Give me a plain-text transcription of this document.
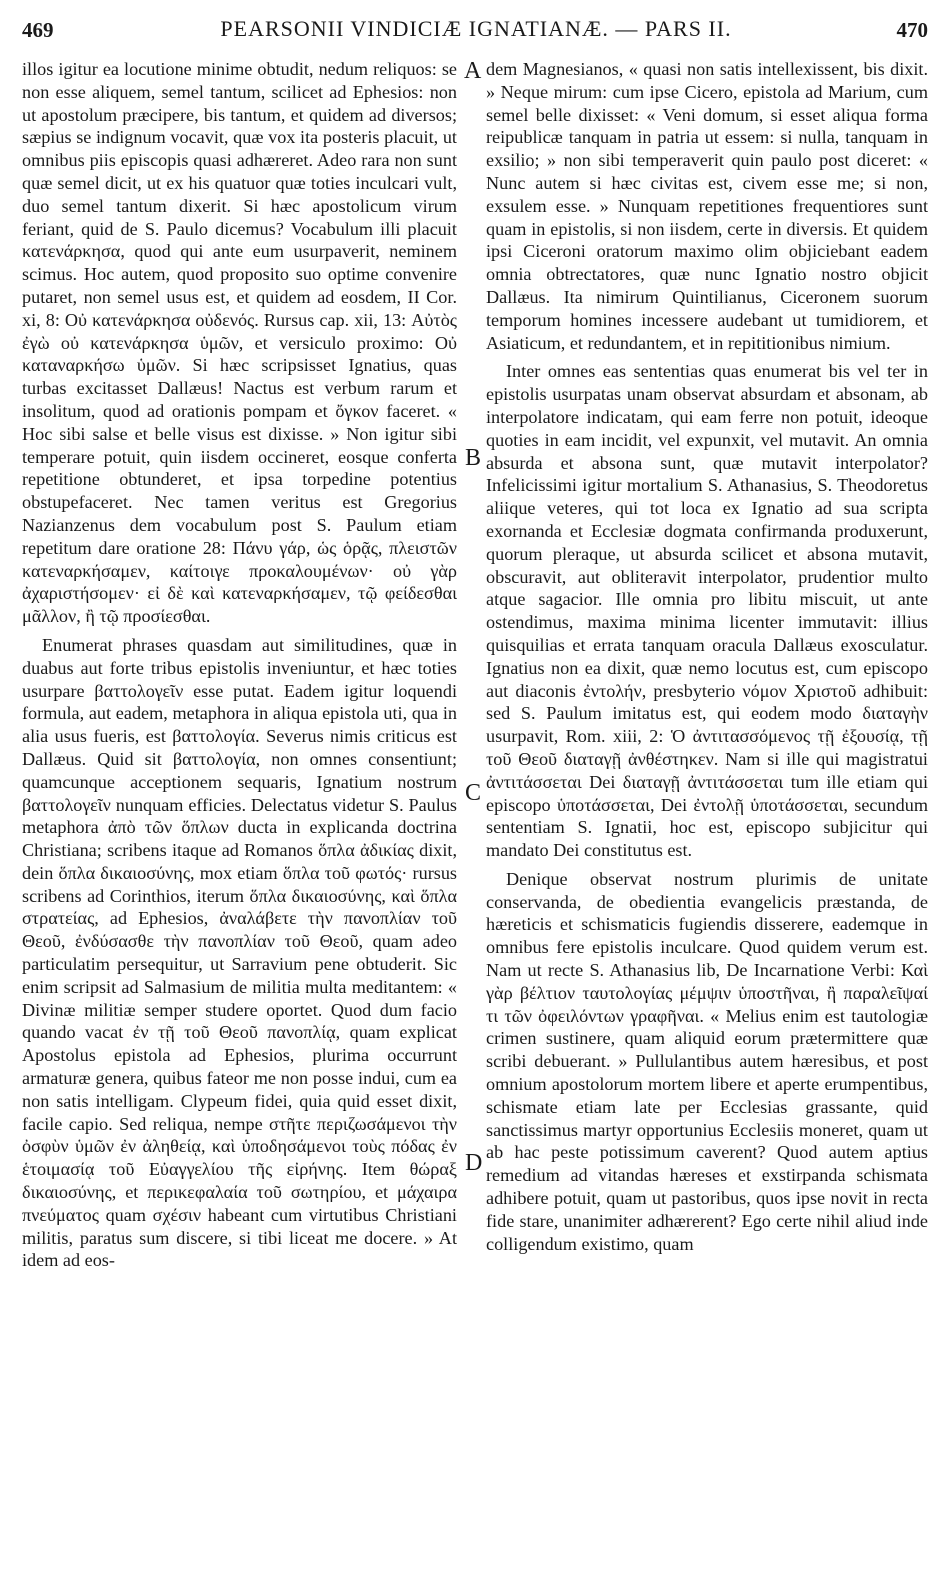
469	PEARSONII VINDICIÆ IGNATIANÆ. — PARS II.	470

illos igitur ea locutione minime obtudit, nedum reliquos: se non esse aliquem, semel tantum, scilicet ad Ephesios: non ut apostolum præcipere, bis tantum, et quidem ad diversos; sæpius se indignum vocavit, quæ vox ita posteris placuit, ut omnibus piis episcopis quasi adhæreret. Adeo rara non sunt quæ semel dicit, ut ex his quatuor quæ toties inculcari vult, duo semel tantum dixerit. Si hæc apostolicum virum feriant, quid de S. Paulo dicemus? Vocabulum illi placuit κατενάρκησα, quod qui ante eum usurpaverit, neminem scimus. Hoc autem, quod proposito suo optime convenire putaret, non semel usus est, et quidem ad eosdem, II Cor. xi, 8: Οὐ κατενάρκησα οὐδενός. Rursus cap. xii, 13: Αὐτὸς ἐγὼ οὐ κατενάρκησα ὑμῶν, et versiculo proximo: Οὐ καταναρκήσω ὑμῶν. Si hæc scripsisset Ignatius, quas turbas excitasset Dallæus! Nactus est verbum rarum et insolitum, quod ad orationis pompam et ὄγκον faceret. « Hoc sibi salse et belle visus est dixisse. » Non igitur sibi temperare potuit, quin iisdem occineret, eosque conferta repetitione obtunderet, et ipsa torpedine potentius obstupefaceret. Nec tamen veritus est Gregorius Nazianzenus dem vocabulum post S. Paulum etiam repetitum dare oratione 28: Πάνυ γάρ, ὡς ὁρᾷς, πλειστῶν κατεναρκήσαμεν, καίτοιγε προκαλουμένων· οὐ γὰρ ἀχαριστήσομεν· εἰ δὲ καὶ κατεναρκήσαμεν, τῷ φείδεσθαι μᾶλλον, ἢ τῷ προσίεσθαι.

Enumerat phrases quasdam aut similitudines, quæ in duabus aut forte tribus epistolis inveniuntur, et hæc toties usurpare βαττολογεῖν esse putat. Eadem igitur loquendi formula, aut eadem, metaphora in aliqua epistola uti, qua in alia usus fueris, est βαττολογία. Severus nimis criticus est Dallæus. Quid sit βαττολογία, non omnes consentiunt; quamcunque acceptionem sequaris, Ignatium nostrum βαττολογεῖν nunquam efficies. Delectatus videtur S. Paulus metaphora ἀπὸ τῶν ὅπλων ducta in explicanda doctrina Christiana; scribens itaque ad Romanos ὅπλα ἀδικίας dixit, dein ὅπλα δικαιοσύνης, mox etiam ὅπλα τοῦ φωτός· rursus scribens ad Corinthios, iterum ὅπλα δικαιοσύνης, καὶ ὅπλα στρατείας, ad Ephesios, ἀναλάβετε τὴν πανοπλίαν τοῦ Θεοῦ, ἐνδύσασθε τὴν πανοπλίαν τοῦ Θεοῦ, quam adeo particulatim persequitur, ut Sarravium pene obtuderit. Sic enim scripsit ad Salmasium de militia multa meditantem: « Divinæ militiæ semper studere oportet. Quod dum facio quando vacat ἐν τῇ τοῦ Θεοῦ πανοπλίᾳ, quam explicat Apostolus epistola ad Ephesios, plurima occurrunt armaturæ genera, quibus fateor me non posse indui, cum ea non satis intelligam. Clypeum fidei, quia quid esset dixit, facile capio. Sed reliqua, nempe στῆτε περιζωσάμενοι τὴν ὀσφὺν ὑμῶν ἐν ἀληθείᾳ, καὶ ὑποδησάμενοι τοὺς πόδας ἐν ἑτοιμασίᾳ τοῦ Εὐαγγελίου τῆς εἰρήνης. Item θώραξ δικαιοσύνης, et περικεφαλαία τοῦ σωτηρίου, et μάχαιρα πνεύματος quam σχέσιν habeant cum virtutibus Christiani militis, paratus sum discere, si tibi liceat me docere. » At idem ad eos-

A
B
C
D

dem Magnesianos, « quasi non satis intellexissent, bis dixit. » Neque mirum: cum ipse Cicero, epistola ad Marium, cum semel belle dixisset: « Veni domum, si esset aliqua forma reipublicæ tanquam in patria ut essem: si nulla, tanquam in exsilio; » non sibi temperaverit quin paulo post diceret: « Nunc autem si hæc civitas est, civem esse me; si non, exsulem esse. » Nunquam repetitiones frequentiores sunt quam in epistolis, si non iisdem, certe in diversis. Et quidem ipsi Ciceroni oratorum maximo olim objiciebant eadem omnia obtrectatores, quæ nunc Ignatio nostro objicit Dallæus. Ita nimirum Quintilianus, Ciceronem suorum temporum homines incessere audebant ut tumidiorem, et Asiaticum, et redundantem, et in repititionibus nimium.

Inter omnes eas sententias quas enumerat bis vel ter in epistolis usurpatas unam observat absurdam et absonam, ab interpolatore indicatam, qui eam ferre non potuit, ideoque quoties in eam incidit, vel expunxit, vel mutavit. An omnia absurda et absona sunt, quæ mutavit interpolator? Infelicissimi igitur mortalium S. Athanasius, S. Theodoretus aliique veteres, qui tot loca ex Ignatio ad sua scripta exornanda et Ecclesiæ dogmata confirmanda produxerunt, quorum pleraque, ut absurda scilicet et absona mutavit, obscuravit, aut obliteravit interpolator, prudentior multo atque sagacior. Ille omnia pro libitu miscuit, ut ante ostendimus, maxima minima licenter immutavit: illius quisquilias et errata tanquam oracula Dallæus exosculatur. Ignatius non ea dixit, quæ nemo locutus est, cum episcopo aut diaconis ἐντολήν, presbyterio νόμον Χριστοῦ adhibuit: sed S. Paulum imitatus est, qui eodem modo διαταγὴν usurpavit, Rom. xiii, 2: Ὁ ἀντιτασσόμενος τῇ ἐξουσίᾳ, τῇ τοῦ Θεοῦ διαταγῇ ἀνθέστηκεν. Nam si ille qui magistratui ἀντιτάσσεται Dei διαταγῇ ἀντιτάσσεται tum ille etiam qui episcopo ὑποτάσσεται, Dei ἐντολῇ ὑποτάσσεται, secundum sententiam S. Ignatii, hoc est, episcopo subjicitur qui mandato Dei constitutus est.

Denique observat nostrum plurimis de unitate conservanda, de obedientia evangelicis præstanda, de hæreticis et schismaticis fugiendis disserere, eademque in omnibus fere epistolis inculcare. Quod quidem verum est. Nam ut recte S. Athanasius lib, De Incarnatione Verbi: Καὶ γὰρ βέλτιον ταυτολογίας μέμψιν ὑποστῆναι, ἢ παραλεῖψαί τι τῶν ὀφειλόντων γραφῆναι. « Melius enim est tautologiæ crimen sustinere, quam aliquid eorum prætermittere quæ scribi debuerant. » Pullulantibus autem hæresibus, et post omnium apostolorum mortem libere et aperte erumpentibus, schismate etiam late per Ecclesias grassante, quid sanctissimus martyr opportunius Ecclesiis moneret, quam ut ab hac peste potissimum caverent? Quod autem aptius remedium ad vitandas hæreses et exstirpanda schismata adhibere potuit, quam ut pastoribus, quos ipse novit in recta fide stare, unanimiter adhærerent? Ego certe nihil aliud inde colligendum existimo, quam
